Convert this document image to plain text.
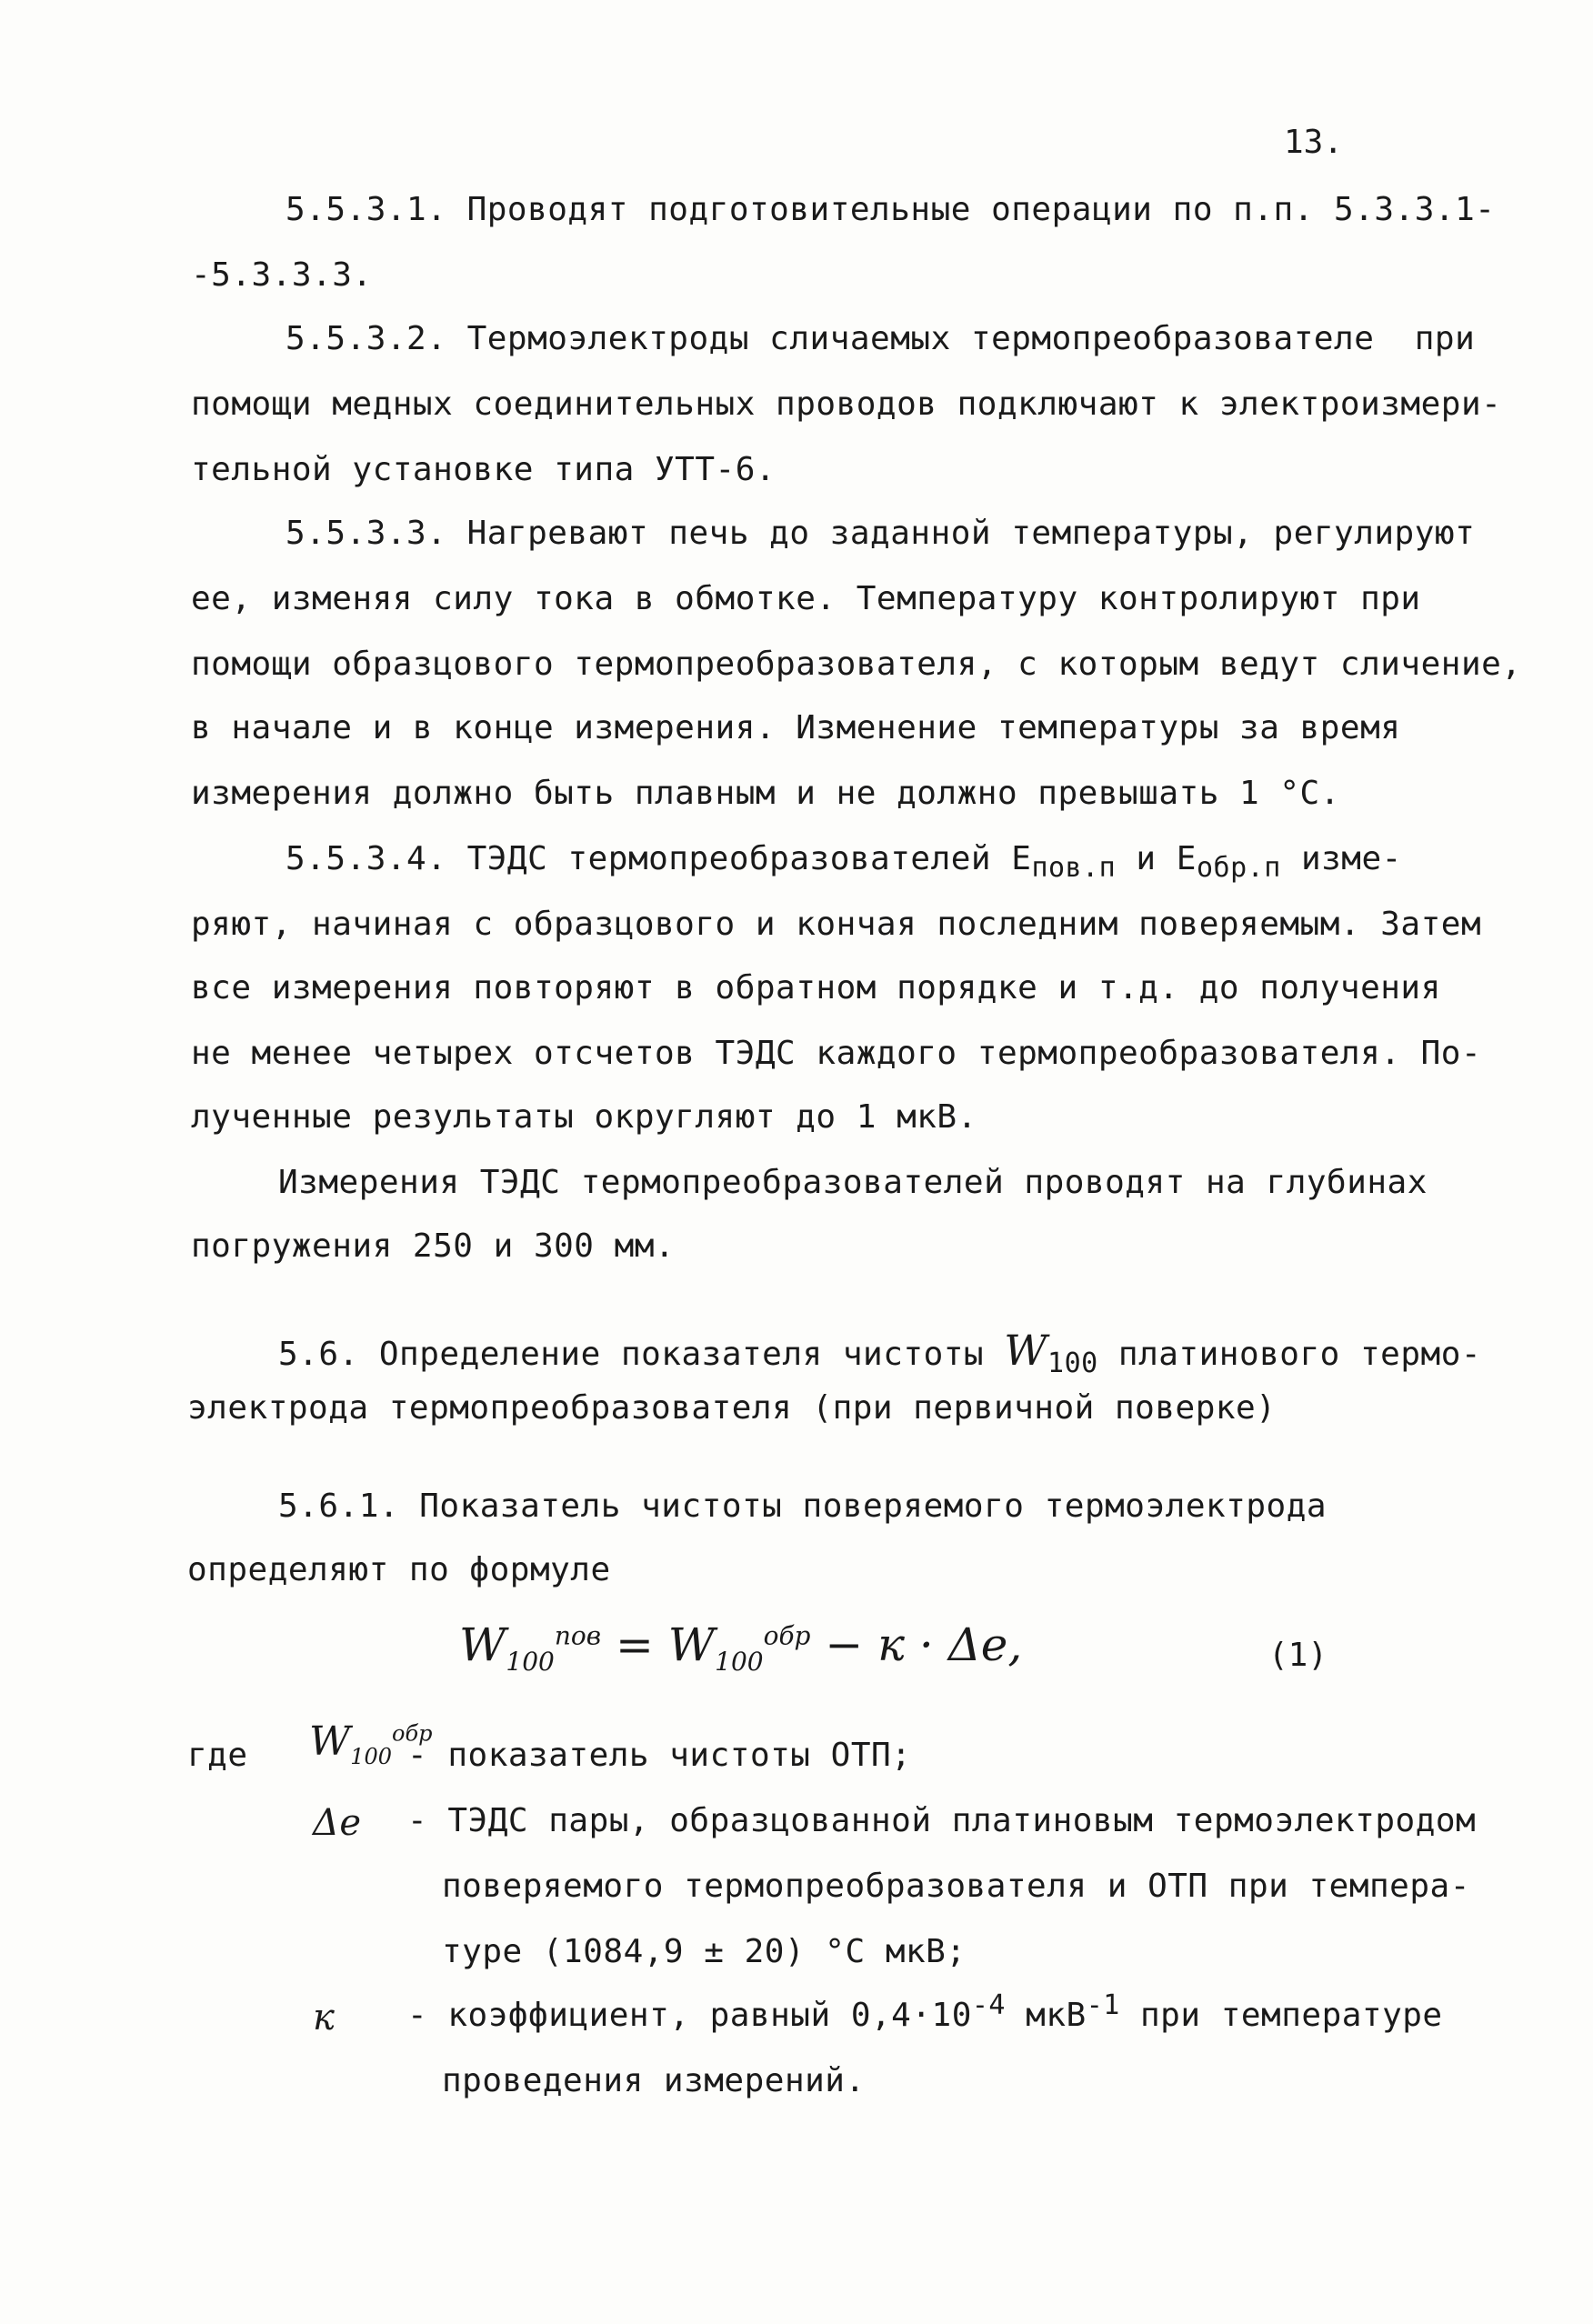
13.
5.5.3.1. Проводят подготовительные операции по п.п. 5.3.3.1-
-5.3.3.3.
5.5.3.2. Термоэлектроды сличаемых термопреобразователе  при
помощи медных соединительных проводов подключают к электроизмери-
тельной установке типа УТТ-6.
5.5.3.3. Нагревают печь до заданной температуры, регулируют
ее, изменяя силу тока в обмотке. Температуру контролируют при
помощи образцового термопреобразователя, с которым ведут сличение,
в начале и в конце измерения. Изменение температуры за время
измерения должно быть плавным и не должно превышать 1 °С.
5.5.3.4. ТЭДС термопреобразователей $E_{пов.п}$ и $E_{обр.п}$ изме-
ряют, начиная с образцового и кончая последним поверяемым. Затем
все измерения повторяют в обратном порядке и т.д. до получения
не менее четырех отсчетов ТЭДС каждого термопреобразователя. По-
лученные результаты округляют до 1 мкВ.
Измерения ТЭДС термопреобразователей проводят на глубинах
погружения 250 и 300 мм.
5.6. Определение показателя чистоты $W_{100}$ платинового термо-
электрода термопреобразователя (при первичной поверке)
5.6.1. Показатель чистоты поверяемого термоэлектрода
определяют по формуле
$W_{100}^{пов} = W_{100}^{обр} - к \cdot \Delta e$,	(1)
где $W_{100}^{обр}$
- показатель чистоты ОТП;
Δe - ТЭДС пары, образцованной платиновым термоэлектродом
поверяемого термопреобразователя и ОТП при темпера-
туре (1084,9 ± 20) °С мкВ;
к - коэффициент, равный $0,4\cdot 10^{-4}$ мкВ$^{-1}$ при температуре
проведения измерений.
